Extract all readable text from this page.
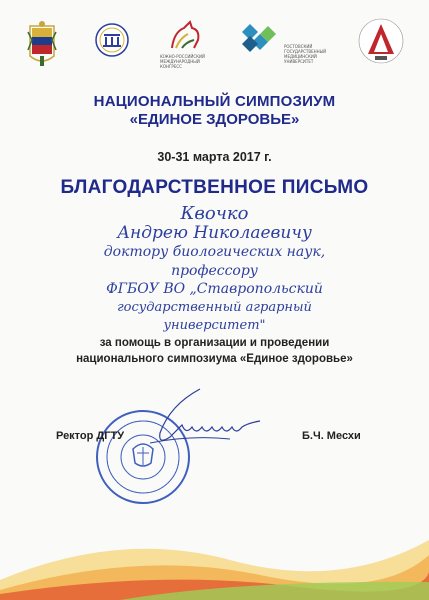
ЮЖНО-РОССИЙСКИЙ
МЕЖДУНАРОДНЫЙ
КОНГРЕСС
РОСТОВСКИЙ
ГОСУДАРСТВЕННЫЙ
МЕДИЦИНСКИЙ
УНИВЕРСИТЕТ
НАЦИОНАЛЬНЫЙ СИМПОЗИУМ
«ЕДИНОЕ ЗДОРОВЬЕ»
30-31 марта 2017 г.
БЛАГОДАРСТВЕННОЕ ПИСЬМО
Квочко
Андрею Николаевичу
доктору биологических наук,
профессору
ФГБОУ ВО „Ставропольский
государственный аграрный
университет"
за помощь в организации и проведении
национального симпозиума «Единое здоровье»
Ректор ДГТУ	Б.Ч. Месхи
